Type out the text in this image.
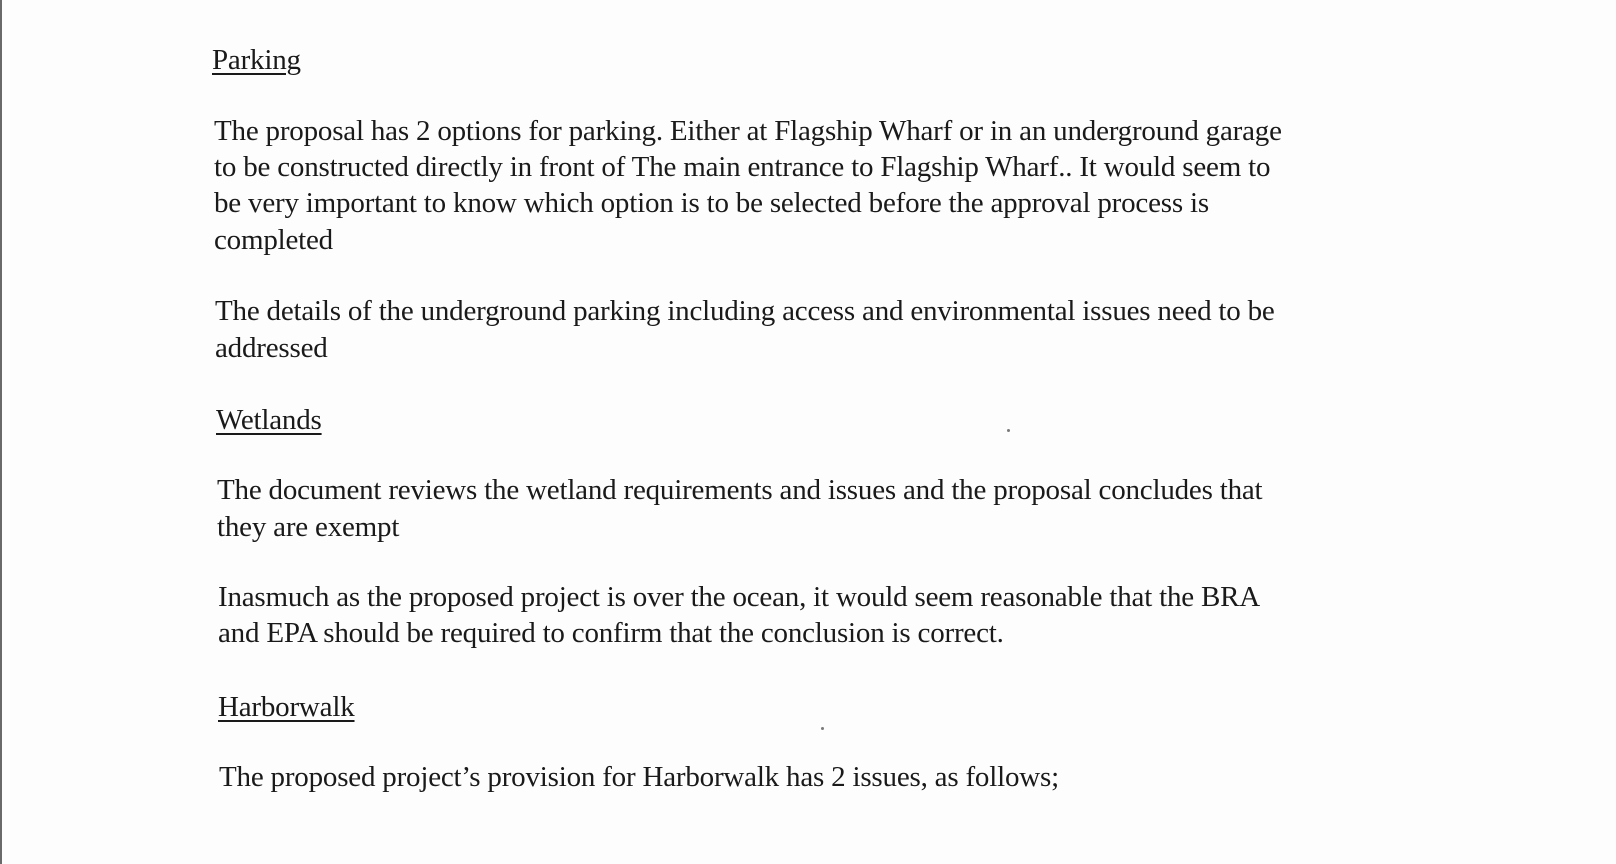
Parking
The proposal has 2 options for parking. Either at Flagship Wharf or in an underground garage
to be constructed directly in front of The main entrance to Flagship Wharf.. It would seem to
be very important to know which option is to be selected before the approval process is
completed
The details of the underground parking including access and environmental issues need to be
addressed
Wetlands
The document reviews the wetland requirements and issues and the proposal concludes that
they are exempt
Inasmuch as the proposed project is over the ocean, it would seem reasonable that the BRA
and EPA should be required to confirm that the conclusion is correct.
Harborwalk
The proposed project’s provision for Harborwalk has 2 issues, as follows;
